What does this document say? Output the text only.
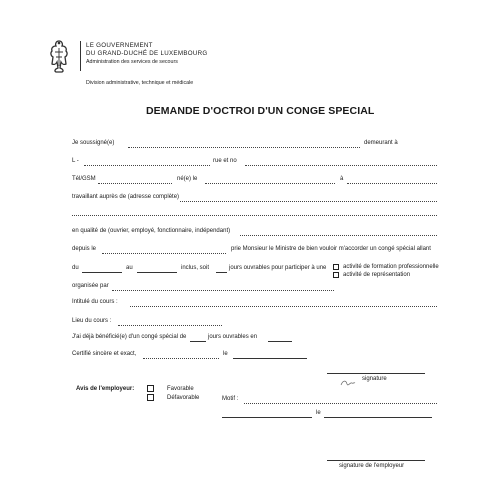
LE GOUVERNEMENT
DU GRAND-DUCHÉ DE LUXEMBOURG
Administration des services de secours
Division administrative, technique et médicale
DEMANDE D'OCTROI D'UN CONGE SPECIAL
Je soussigné(e)	demeurant à
L -	rue et no
Tél/GSM	né(e) le	à
travaillant auprès de (adresse complète)
en qualité de (ouvrier, employé, fonctionnaire, indépendant)
depuis le	prie Monsieur le Ministre de bien vouloir m'accorder un congé spécial allant
du	au	inclus, soit	jours ouvrables pour participer à une	activité de formation professionnelle
activité de représentation
organisée par
Intitulé du cours :
Lieu du cours :
J'ai déjà bénéficié(e) d'un congé spécial de	jours ouvrables en
Certifié sincère et exact,	le
signature
Avis de l'employeur:	Favorable
Défavorable	Motif :
le
signature de l'employeur
